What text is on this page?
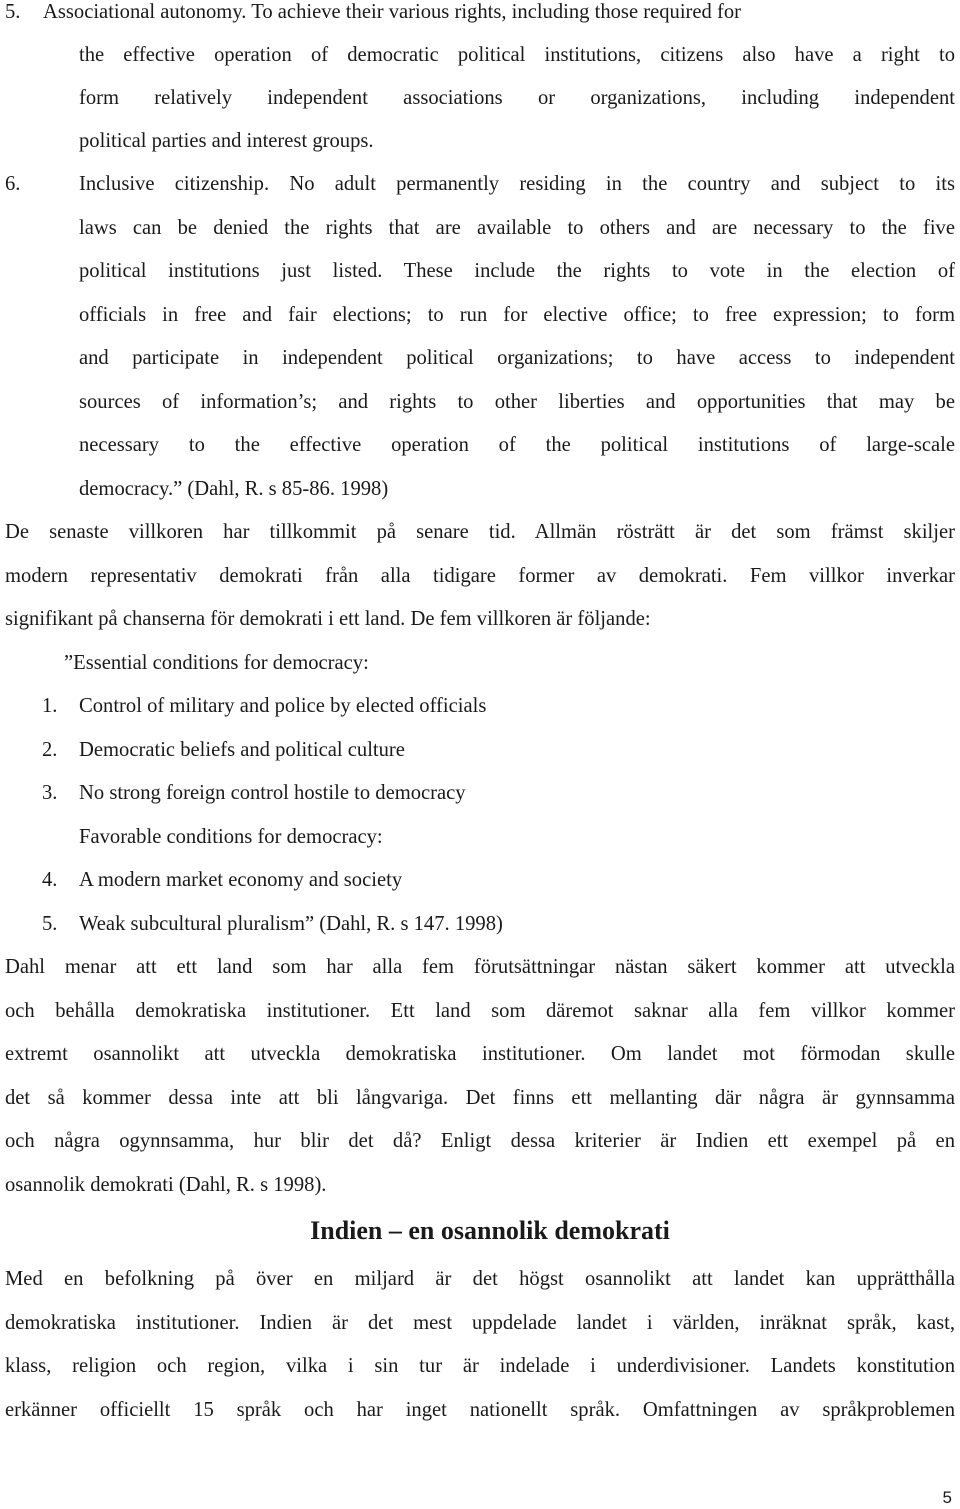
5.	Associational autonomy. To achieve their various rights, including those required for
the effective operation of democratic political institutions, citizens also have a right to
form relatively independent associations or organizations, including independent
political parties and interest groups.
6.	Inclusive citizenship. No adult permanently residing in the country and subject to its
laws can be denied the rights that are available to others and are necessary to the five
political institutions just listed. These include the rights to vote in the election of
officials in free and fair elections; to run for elective office; to free expression; to form
and participate in independent political organizations; to have access to independent
sources of information’s; and rights to other liberties and opportunities that may be
necessary to the effective operation of the political institutions of large-scale
democracy.” (Dahl, R. s 85-86. 1998)
De senaste villkoren har tillkommit på senare tid. Allmän rösträtt är det som främst skiljer
modern representativ demokrati från alla tidigare former av demokrati. Fem villkor inverkar
signifikant på chanserna för demokrati i ett land. De fem villkoren är följande:
”Essential conditions for democracy:
1. Control of military and police by elected officials
2. Democratic beliefs and political culture
3. No strong foreign control hostile to democracy
Favorable conditions for democracy:
4. A modern market economy and society
5. Weak subcultural pluralism” (Dahl, R. s 147. 1998)
Dahl menar att ett land som har alla fem förutsättningar nästan säkert kommer att utveckla
och behålla demokratiska institutioner. Ett land som däremot saknar alla fem villkor kommer
extremt osannolikt att utveckla demokratiska institutioner. Om landet mot förmodan skulle
det så kommer dessa inte att bli långvariga. Det finns ett mellanting där några är gynnsamma
och några ogynnsamma, hur blir det då? Enligt dessa kriterier är Indien ett exempel på en
osannolik demokrati (Dahl, R. s 1998).
Indien – en osannolik demokrati
Med en befolkning på över en miljard är det högst osannolikt att landet kan upprätthålla
demokratiska institutioner. Indien är det mest uppdelade landet i världen, inräknat språk, kast,
klass, religion och region, vilka i sin tur är indelade i underdivisioner. Landets konstitution
erkänner officiellt 15 språk och har inget nationellt språk. Omfattningen av språkproblemen
5
